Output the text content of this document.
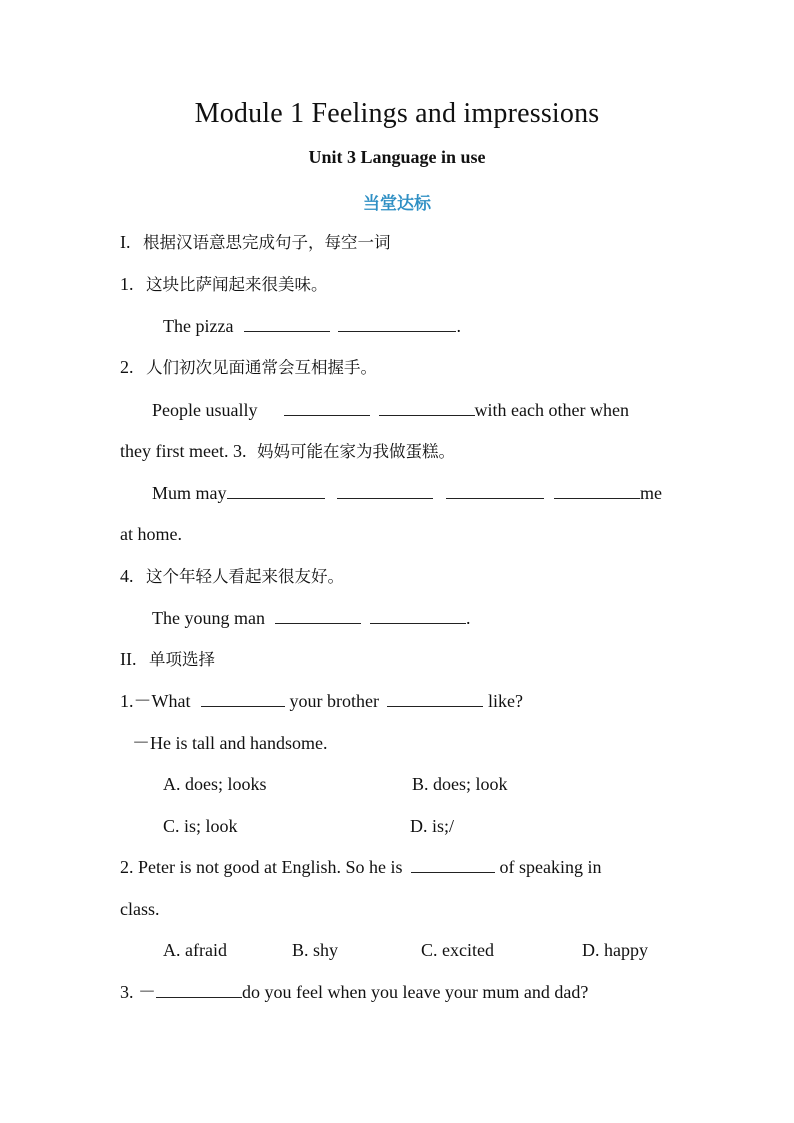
Module 1 Feelings and impressions
Unit 3 Language in use
当堂达标
I. 根据汉语意思完成句子，每空一词
1. 这块比萨闻起来很美味。
The pizza	.
2. 人们初次见面通常会互相握手。
People usually	with each other when
they first meet. 3. 妈妈可能在家为我做蛋糕。
Mum may	me
at home.
4. 这个年轻人看起来很友好。
The young man	.
II. 单项选择
1.－What	your brother	like?
－He is tall and handsome.
A. does; looks	B. does; look
C. is; look	D. is;/
2. Peter is not good at English. So he is	of speaking in
class.
A. afraid	B. shy	C. excited	D. happy
3. －	do you feel when you leave your mum and dad?
